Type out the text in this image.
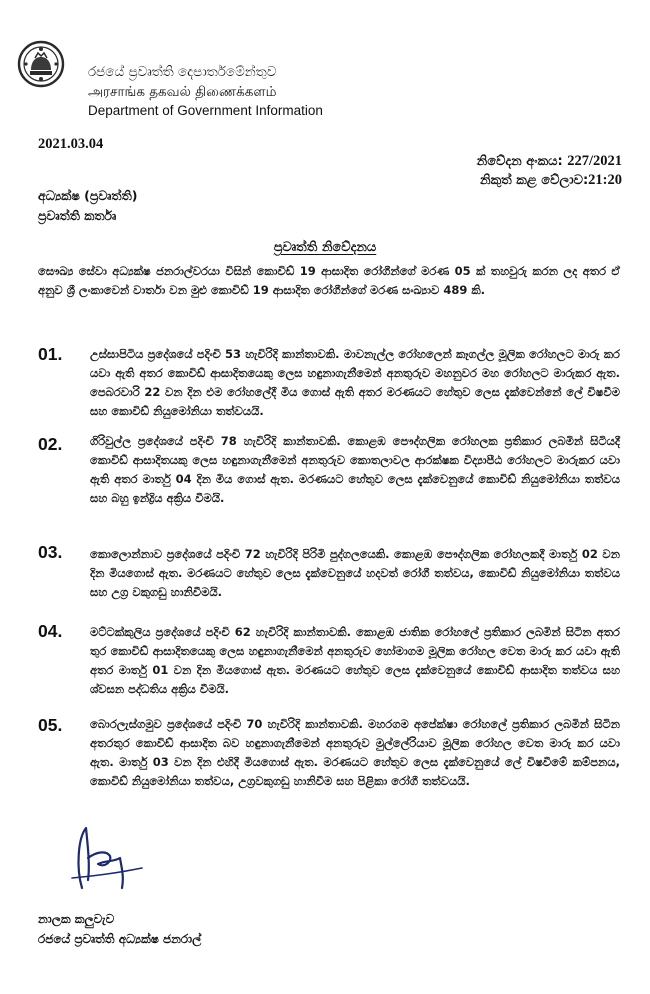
රජයේ ප්‍රවෘත්ති දෙපාර්තමේන්තුව
அரசாங்க தகவல் திணைக்களம்
Department of Government Information
2021.03.04
නිවේදන අංකය: 227/2021
නිකුත් කළ වේලාව:21:20
අධ්‍යක්ෂ (ප්‍රවෘත්ති)
ප්‍රවෘත්ති කර්තෘ
ප්‍රවෘත්ති නිවේදනය
සෞඛ්‍ය සේවා අධ්‍යක්ෂ ජනරාල්වරයා විසින් කොවිඩ් 19 ආසාදිත රෝගීන්ගේ මරණ 05 ක් තහවුරු කරන ලද අතර ඒ අනුව ශ්‍රී ලංකාවෙන් වාර්තා වන මුළු කොවිඩ් 19 ආසාදිත රෝගීන්ගේ මරණ සංඛ්‍යාව 489 කි.
01. උස්සාපිටිය ප්‍රදේශයේ පදිංචි 53 හැවිරිදි කාන්තාවකි. මාවනැල්ල රෝහලෙන් කෑගල්ල මූලික රෝහලට මාරු කර යවා ඇති අතර කොවිඩ් ආසාදිතයෙකු ලෙස හඳුනාගැනීමෙන් අනතුරුව මහනුවර මහ රෝහලට මාරුකර ඇත. පෙබරවාරි 22 වන දින එම රෝහලේදී මිය ගොස් ඇති අතර මරණයට හේතුව ලෙස දැක්වෙන්නේ ලේ විෂවීම සහ කොවිඩ් නියුමෝනියා තත්වයයි.
02. ගිරිවුල්ල ප්‍රදේශයේ පදිංචි 78 හැවිරිදි කාන්තාවකි. කොළඹ පෞද්ගලික රෝහලක ප්‍රතිකාර ලබමින් සිටියදී කොවිඩ් ආසාදිතයකු ලෙස හඳුනාගැනීමෙන් අනතුරුව කොතලාවල ආරක්ෂක විද්‍යාපීඨ රෝහලට මාරුකර යවා ඇති අතර මාර්තු 04 දින මිය ගොස් ඇත. මරණයට හේතුව ලෙස දැක්වෙනුයේ කොවිඩ් නියුමෝනියා තත්වය සහ බහු ඉන්ද්‍රිය අක්‍රිය වීමයි.
03. කොලොන්නාව ප්‍රදේශයේ පදිංචි 72 හැවිරිදි පිරිමි පුද්ගලයෙකි. කොළඹ පෞද්ගලික රෝහලකදී මාර්තු 02 වන දින මියගොස් ඇත. මරණයට හේතුව ලෙස දැක්වෙනුයේ හදවත් රෝගී තත්වය, කොවිඩ් නියුමෝනියා තත්වය සහ උග්‍ර වකුගඩු හානිවීමයි.
04. මට්ටක්කුලිය ප්‍රදේශයේ පදිංචි 62 හැවිරිදි කාන්තාවකි. කොළඹ ජාතික රෝහලේ ප්‍රතිකාර ලබමින් සිටින අතර තුර කොවිඩ් ආසාදිතයෙකු ලෙස හඳුනාගැනීමෙන් අනතුරුව හෝමාගම මූලික රෝහල වෙත මාරු කර යවා ඇති අතර මාර්තු 01 වන දින මියගොස් ඇත. මරණයට හේතුව ලෙස දැක්වෙනුයේ කොවිඩ් ආසාදිත තත්වය සහ ශ්වසන පද්ධතිය අක්‍රිය වීමයි.
05. බොරලැස්ගමුව ප්‍රදේශයේ පදිංචි 70 හැවිරිදි කාන්තාවකි. මහරගම අපේක්ෂා රෝහලේ ප්‍රතිකාර ලබමින් සිටින අතරතුර කොවිඩ් ආසාදිත බව හඳුනාගැනීමෙන් අනතුරුව මුල්ලේරියාව මූලික රෝහල වෙත මාරු කර යවා ඇත. මාර්තු 03 වන දින එහිදී මියගොස් ඇත. මරණයට හේතුව ලෙස දැක්වෙනුයේ ලේ විෂවීමේ කම්පනය, කොවිඩ් නියුමෝනියා තත්වය, උග්‍රවකුගඩු හානිවීම සහ පිළිකා රෝගී තත්වයයි.
නාලක කලුවැව
රජයේ ප්‍රවෘත්ති අධ්‍යක්ෂ ජනරාල්
